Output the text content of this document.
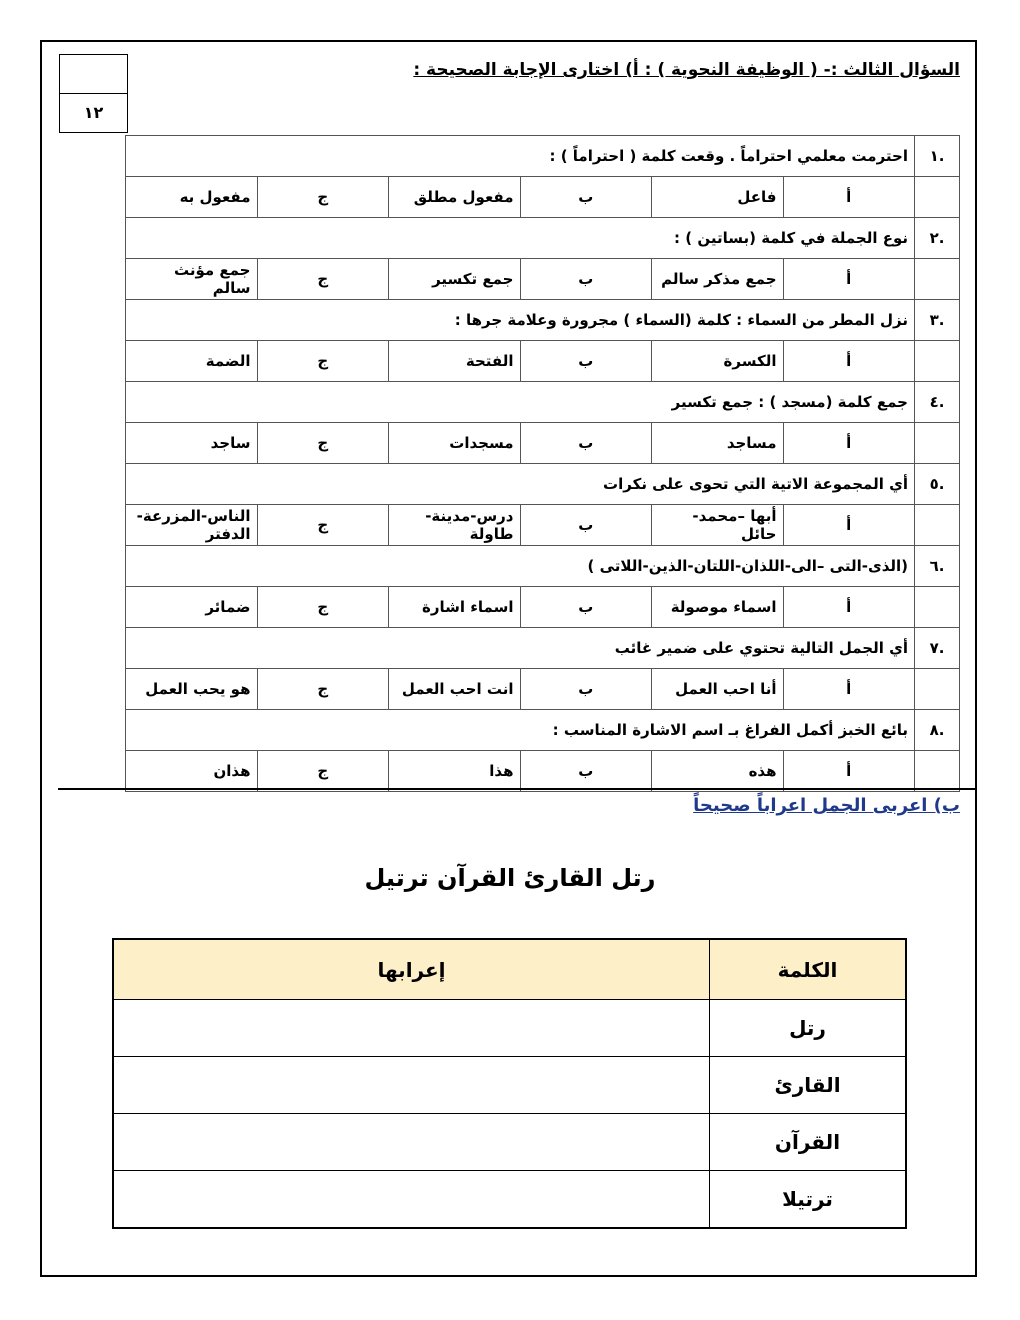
السؤال الثالث :- ( الوظيفة النحوية ) : أ) اختارى الإجابة الصحيحة :
١٢
.١	احترمت معلمي احتراماً . وقعت كلمة ( احتراماً ) :					
	أ	فاعل	ب	مفعول مطلق	ج	مفعول به
.٢	نوع الجملة في كلمة (بساتين ) :					
	أ	جمع مذكر سالم	ب	جمع تكسير	ج	جمع مؤنث سالم
.٣	نزل المطر من السماء : كلمة (السماء ) مجرورة وعلامة جرها :					
	أ	الكسرة	ب	الفتحة	ج	الضمة
.٤	جمع كلمة (مسجد ) : جمع تكسير					
	أ	مساجد	ب	مسجدات	ج	ساجد
.٥	أي المجموعة الاتية التي تحوى على نكرات					
	أ	أبها –محمد-حائل	ب	درس-مدينة- طاولة	ج	الناس-المزرعة-الدفتر
.٦	(الذى-التى –الى-اللذان-اللتان-الذين-اللاتى )					
	أ	اسماء موصولة	ب	اسماء اشارة	ج	ضمائر
.٧	أي الجمل التالية تحتوي على ضمير غائب					
	أ	أنا احب العمل	ب	انت احب العمل	ج	هو يحب العمل
.٨	بائع الخبز أكمل الفراغ بـ اسم الاشارة المناسب :					
	أ	هذه	ب	هذا	ج	هذان
ب) اعربى الجمل اعراباً صحيحاً
رتل القارئ القرآن ترتيل
الكلمة	إعرابها
رتل	
القارئ	
القرآن	
ترتيلا	
